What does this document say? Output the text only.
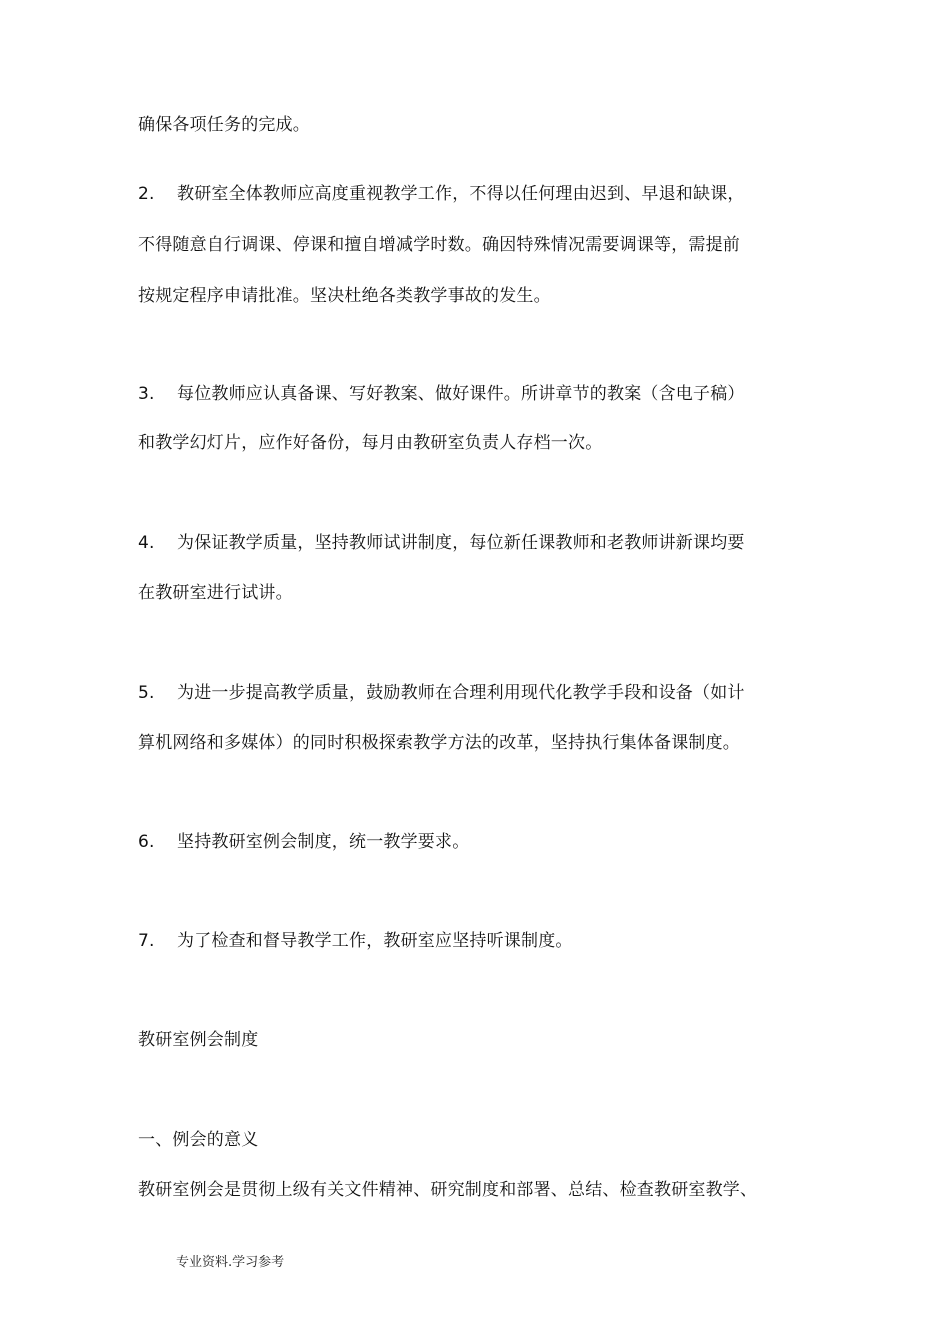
确保各项任务的完成。
2. 教研室全体教师应高度重视教学工作，不得以任何理由迟到、早退和缺课，
不得随意自行调课、停课和擅自增减学时数。确因特殊情况需要调课等，需提前
按规定程序申请批准。坚决杜绝各类教学事故的发生。
3. 每位教师应认真备课、写好教案、做好课件。所讲章节的教案（含电子稿）
和教学幻灯片，应作好备份，每月由教研室负责人存档一次。
4. 为保证教学质量，坚持教师试讲制度，每位新任课教师和老教师讲新课均要
在教研室进行试讲。
5. 为进一步提高教学质量，鼓励教师在合理利用现代化教学手段和设备（如计
算机网络和多媒体）的同时积极探索教学方法的改革，坚持执行集体备课制度。
6. 坚持教研室例会制度，统一教学要求。
7. 为了检查和督导教学工作，教研室应坚持听课制度。
教研室例会制度
一、例会的意义
教研室例会是贯彻上级有关文件精神、研究制度和部署、总结、检查教研室教学、
专业资料.学习参考
